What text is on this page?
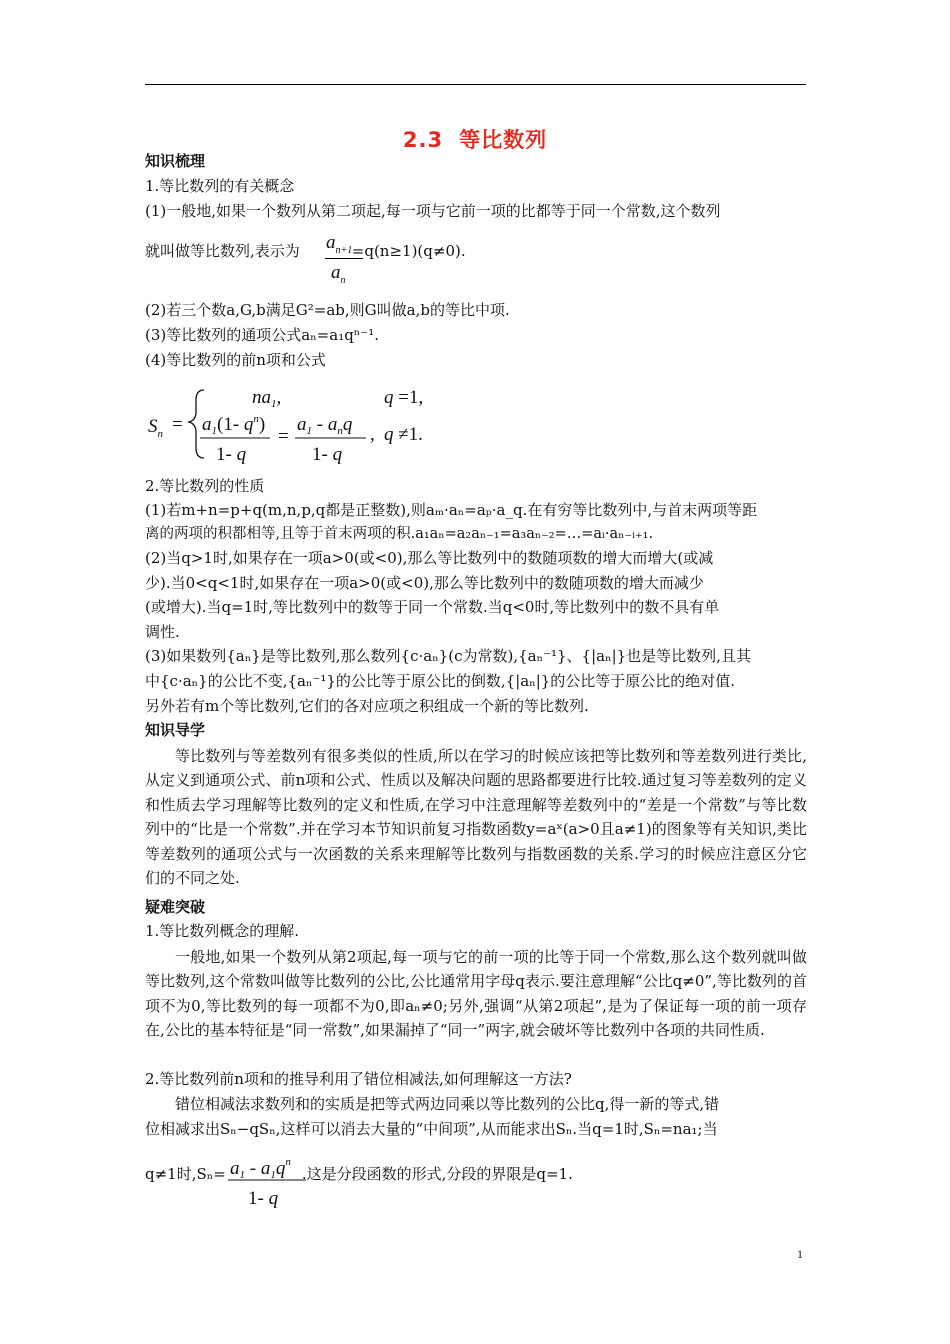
2.3 等比数列
知识梳理
1.等比数列的有关概念
(1)一般地,如果一个数列从第二项起,每一项与它前一项的比都等于同一个常数,这个数列
就叫做等比数列,表示为	=q(n≥1)(q≠0).
$a_{n+1}$
$a_n$
(2)若三个数a,G,b满足G²=ab,则G叫做a,b的等比中项.
(3)等比数列的通项公式aₙ=a₁qⁿ⁻¹.
(4)等比数列的前n项和公式
$S_n$ =
$na_1$,	q =1,
$a_1(1-$ $q^n$)
1- q
=
$a_1 - a_nq$
1- q
, q ≠1.
2.等比数列的性质
(1)若m+n=p+q(m,n,p,q都是正整数),则aₘ·aₙ=aₚ·a_q.在有穷等比数列中,与首末两项等距
离的两项的积都相等,且等于首末两项的积.a₁aₙ=a₂aₙ₋₁=a₃aₙ₋₂=…=aᵢ·aₙ₋ᵢ₊₁.
(2)当q>1时,如果存在一项a>0(或<0),那么等比数列中的数随项数的增大而增大(或减
少).当0<q<1时,如果存在一项a>0(或<0),那么等比数列中的数随项数的增大而减少
(或增大).当q=1时,等比数列中的数等于同一个常数.当q<0时,等比数列中的数不具有单
调性.
(3)如果数列{aₙ}是等比数列,那么数列{c·aₙ}(c为常数),{aₙ⁻¹}、{|aₙ|}也是等比数列,且其
中{c·aₙ}的公比不变,{aₙ⁻¹}的公比等于原公比的倒数,{|aₙ|}的公比等于原公比的绝对值.
另外若有m个等比数列,它们的各对应项之积组成一个新的等比数列.
知识导学
等比数列与等差数列有很多类似的性质,所以在学习的时候应该把等比数列和等差数列进行类比,从定义到通项公式、前n项和公式、性质以及解决问题的思路都要进行比较.通过复习等差数列的定义和性质去学习理解等比数列的定义和性质,在学习中注意理解等差数列中的“差是一个常数”与等比数列中的“比是一个常数”.并在学习本节知识前复习指数函数y=aˣ(a>0且a≠1)的图象等有关知识,类比等差数列的通项公式与一次函数的关系来理解等比数列与指数函数的关系.学习的时候应注意区分它们的不同之处.
疑难突破
1.等比数列概念的理解.
一般地,如果一个数列从第2项起,每一项与它的前一项的比等于同一个常数,那么这个数列就叫做等比数列,这个常数叫做等比数列的公比,公比通常用字母q表示.要注意理解“公比q≠0”,等比数列的首项不为0,等比数列的每一项都不为0,即aₙ≠0;另外,强调“从第2项起”,是为了保证每一项的前一项存在,公比的基本特征是“同一常数”,如果漏掉了“同一”两字,就会破坏等比数列中各项的共同性质.
2.等比数列前n项和的推导利用了错位相减法,如何理解这一方法?
错位相减法求数列和的实质是把等式两边同乘以等比数列的公比q,得一新的等式,错
位相减求出Sₙ−qSₙ,这样可以消去大量的“中间项”,从而能求出Sₙ.当q=1时,Sₙ=na₁;当
q≠1时,Sₙ=	.这是分段函数的形式,分段的界限是q=1.
$a_1 - a_1q^n$
1- q
1
